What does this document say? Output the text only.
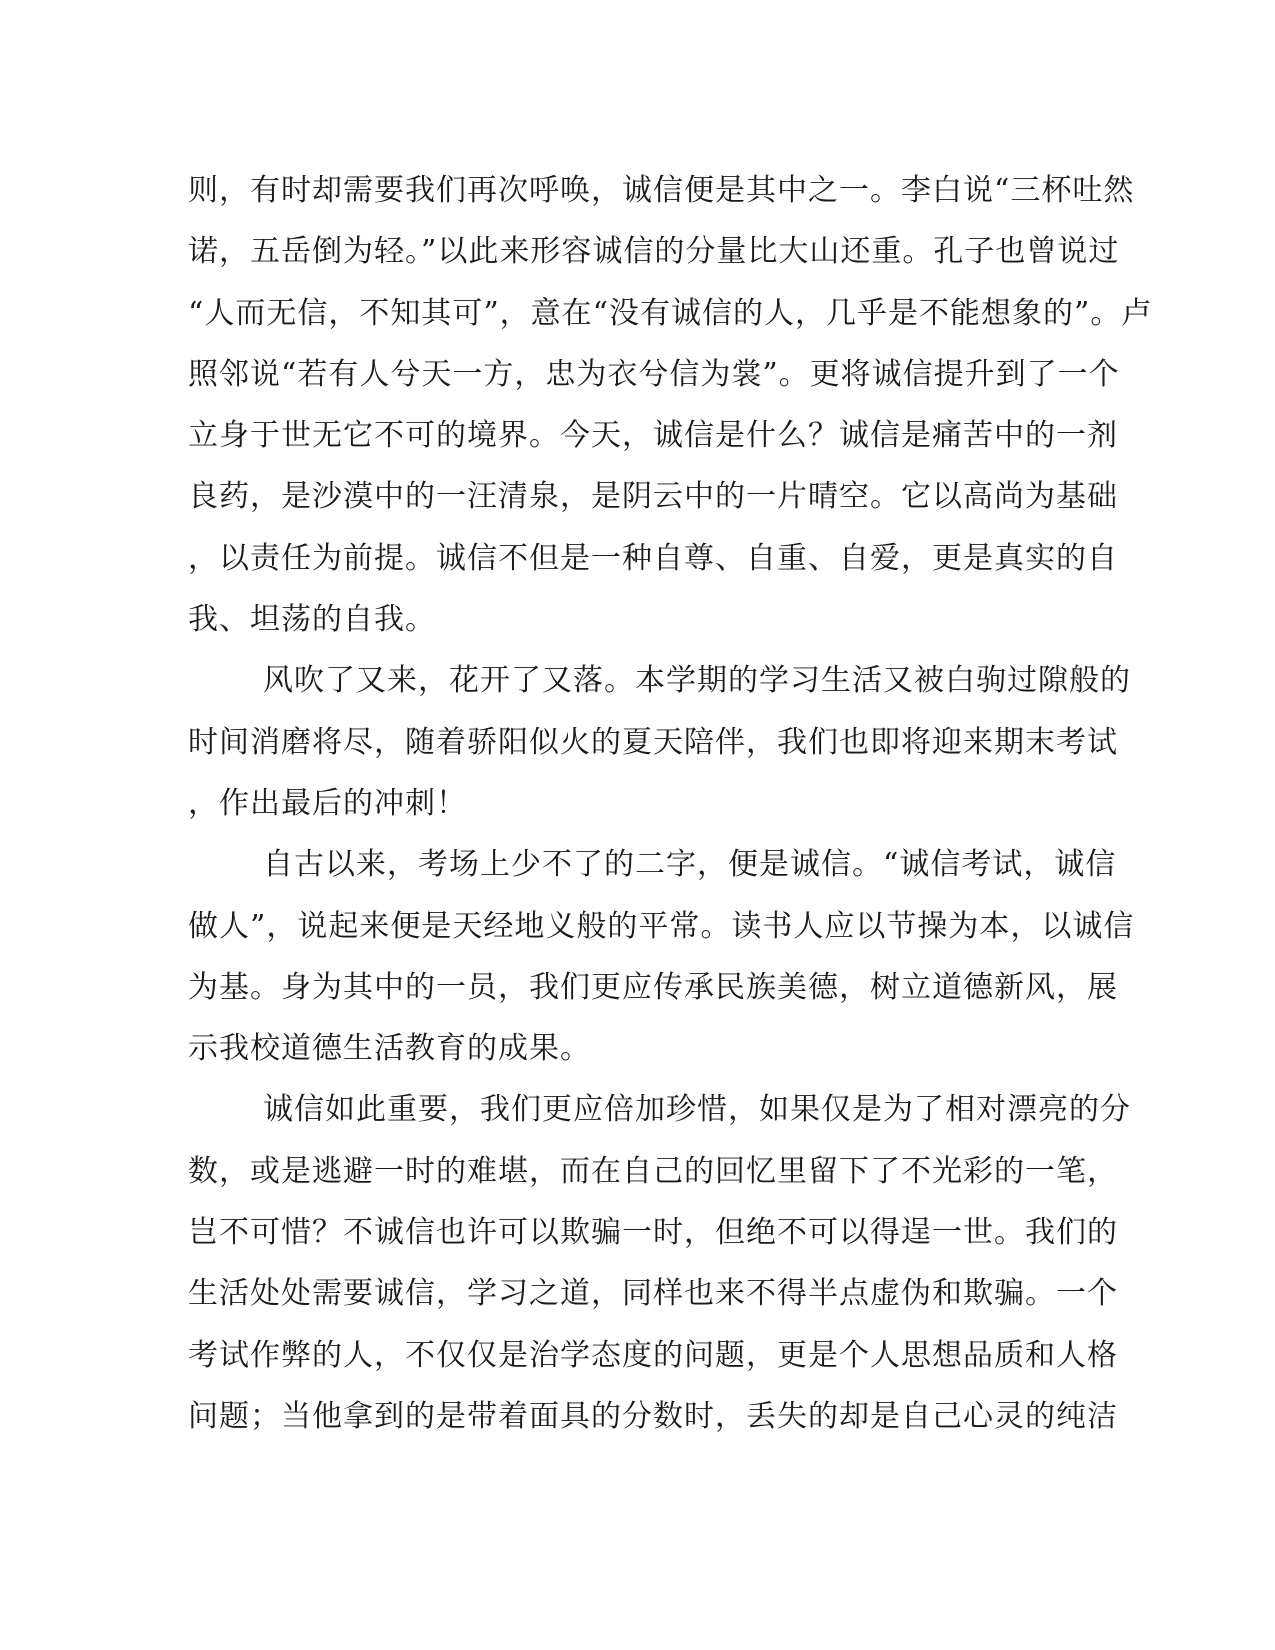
则，有时却需要我们再次呼唤，诚信便是其中之一。李白说“三杯吐然
诺，五岳倒为轻。”以此来形容诚信的分量比大山还重。孔子也曾说过
“人而无信，不知其可”，意在“没有诚信的人，几乎是不能想象的”。卢
照邻说“若有人兮天一方，忠为衣兮信为裳”。更将诚信提升到了一个
立身于世无它不可的境界。今天，诚信是什么？诚信是痛苦中的一剂
良药，是沙漠中的一汪清泉，是阴云中的一片晴空。它以高尚为基础
，以责任为前提。诚信不但是一种自尊、自重、自爱，更是真实的自
我、坦荡的自我。
风吹了又来，花开了又落。本学期的学习生活又被白驹过隙般的
时间消磨将尽，随着骄阳似火的夏天陪伴，我们也即将迎来期末考试
，作出最后的冲刺！
自古以来，考场上少不了的二字，便是诚信。“诚信考试，诚信
做人”，说起来便是天经地义般的平常。读书人应以节操为本，以诚信
为基。身为其中的一员，我们更应传承民族美德，树立道德新风，展
示我校道德生活教育的成果。
诚信如此重要，我们更应倍加珍惜，如果仅是为了相对漂亮的分
数，或是逃避一时的难堪，而在自己的回忆里留下了不光彩的一笔，
岂不可惜？不诚信也许可以欺骗一时，但绝不可以得逞一世。我们的
生活处处需要诚信，学习之道，同样也来不得半点虚伪和欺骗。一个
考试作弊的人，不仅仅是治学态度的问题，更是个人思想品质和人格
问题；当他拿到的是带着面具的分数时，丢失的却是自己心灵的纯洁
